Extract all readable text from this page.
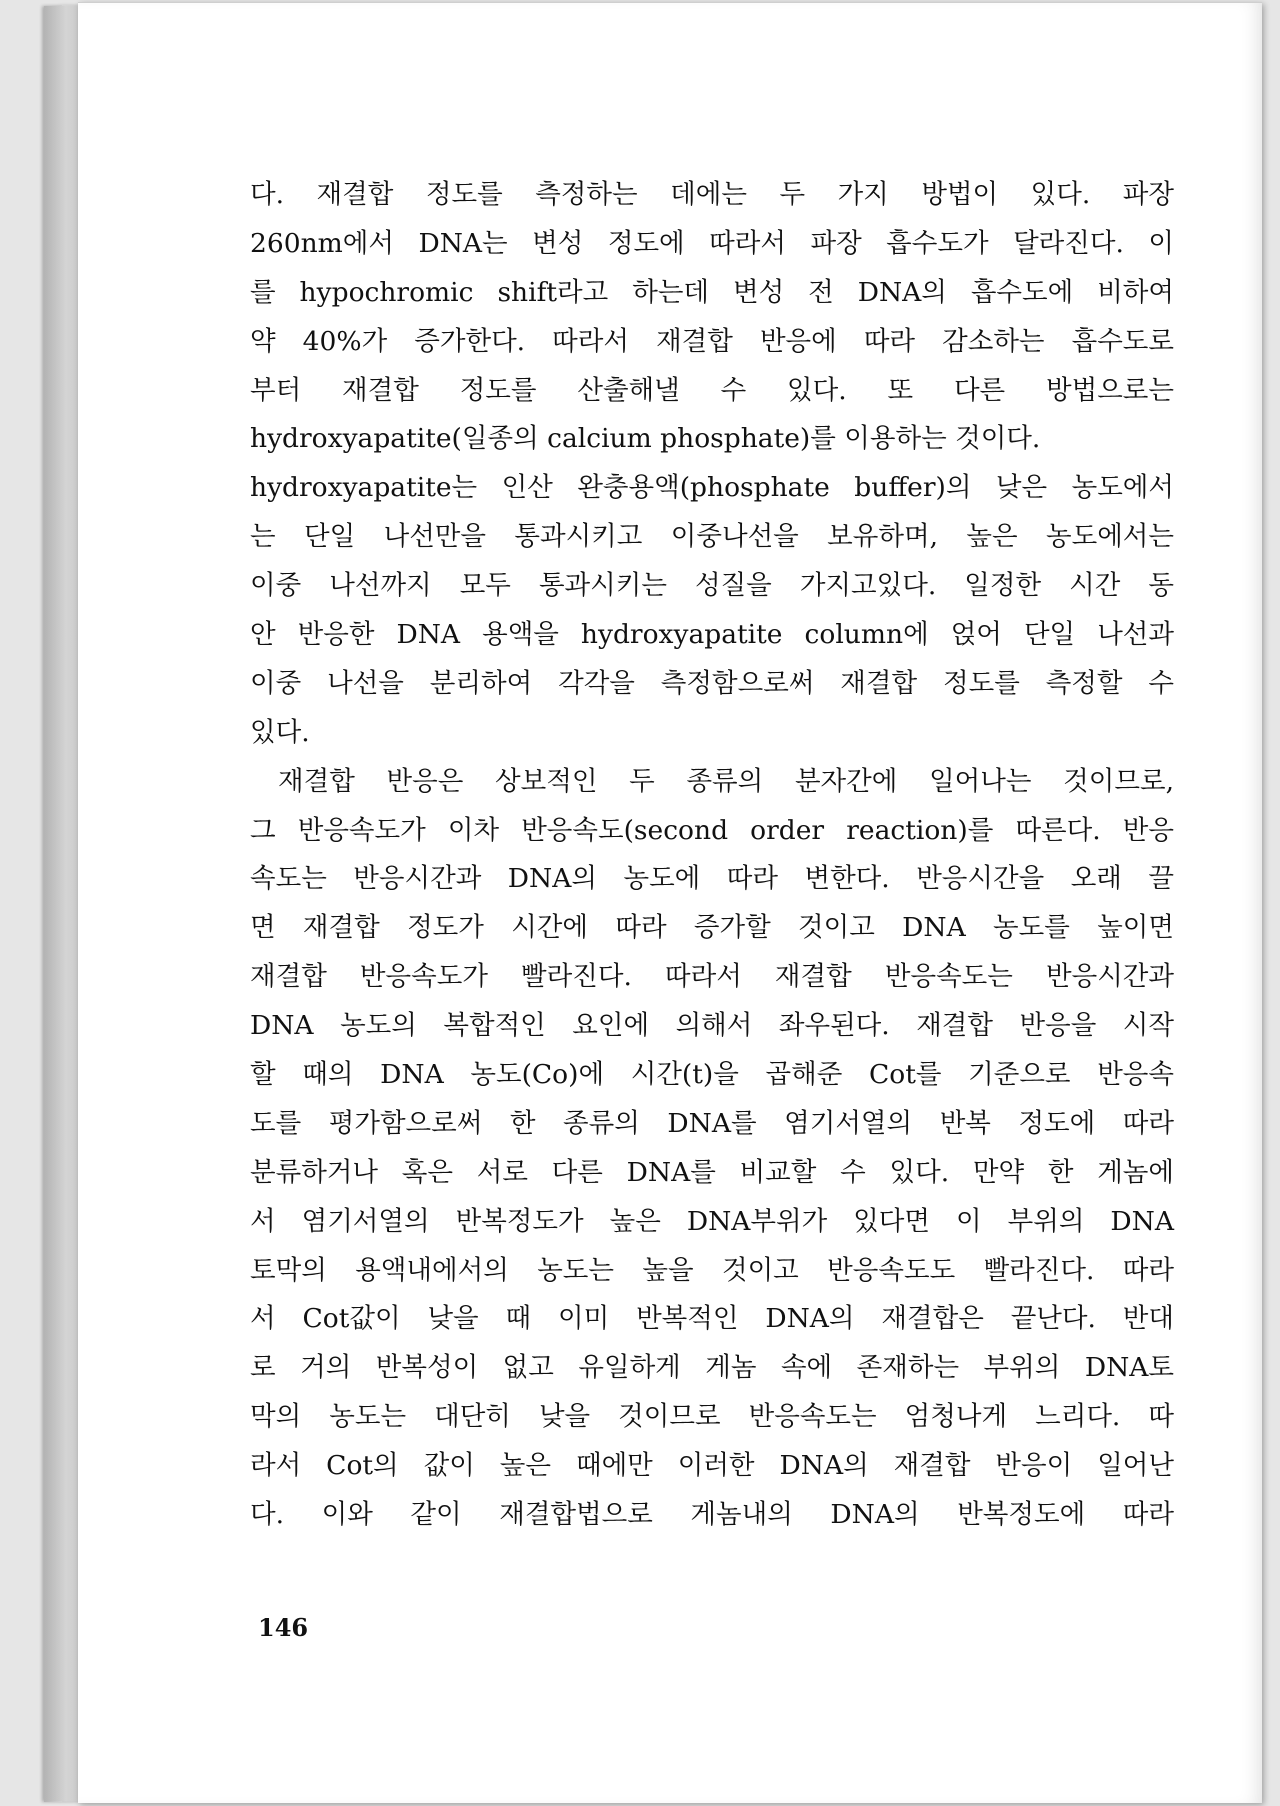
다. 재결합 정도를 측정하는 데에는 두 가지 방법이 있다. 파장
260nm에서 DNA는 변성 정도에 따라서 파장 흡수도가 달라진다. 이
를 hypochromic shift라고 하는데 변성 전 DNA의 흡수도에 비하여
약 40%가 증가한다. 따라서 재결합 반응에 따라 감소하는 흡수도로
부터 재결합 정도를 산출해낼 수 있다. 또 다른 방법으로는
hydroxyapatite(일종의 calcium phosphate)를 이용하는 것이다.
hydroxyapatite는 인산 완충용액(phosphate buffer)의 낮은 농도에서
는 단일 나선만을 통과시키고 이중나선을 보유하며, 높은 농도에서는
이중 나선까지 모두 통과시키는 성질을 가지고있다. 일정한 시간 동
안 반응한 DNA 용액을 hydroxyapatite column에 얹어 단일 나선과
이중 나선을 분리하여 각각을 측정함으로써 재결합 정도를 측정할 수
있다.
재결합 반응은 상보적인 두 종류의 분자간에 일어나는 것이므로,
그 반응속도가 이차 반응속도(second order reaction)를 따른다. 반응
속도는 반응시간과 DNA의 농도에 따라 변한다. 반응시간을 오래 끌
면 재결합 정도가 시간에 따라 증가할 것이고 DNA 농도를 높이면
재결합 반응속도가 빨라진다. 따라서 재결합 반응속도는 반응시간과
DNA 농도의 복합적인 요인에 의해서 좌우된다. 재결합 반응을 시작
할 때의 DNA 농도(Co)에 시간(t)을 곱해준 Cot를 기준으로 반응속
도를 평가함으로써 한 종류의 DNA를 염기서열의 반복 정도에 따라
분류하거나 혹은 서로 다른 DNA를 비교할 수 있다. 만약 한 게놈에
서 염기서열의 반복정도가 높은 DNA부위가 있다면 이 부위의 DNA
토막의 용액내에서의 농도는 높을 것이고 반응속도도 빨라진다. 따라
서 Cot값이 낮을 때 이미 반복적인 DNA의 재결합은 끝난다. 반대
로 거의 반복성이 없고 유일하게 게놈 속에 존재하는 부위의 DNA토
막의 농도는 대단히 낮을 것이므로 반응속도는 엄청나게 느리다. 따
라서 Cot의 값이 높은 때에만 이러한 DNA의 재결합 반응이 일어난
다. 이와 같이 재결합법으로 게놈내의 DNA의 반복정도에 따라
146
